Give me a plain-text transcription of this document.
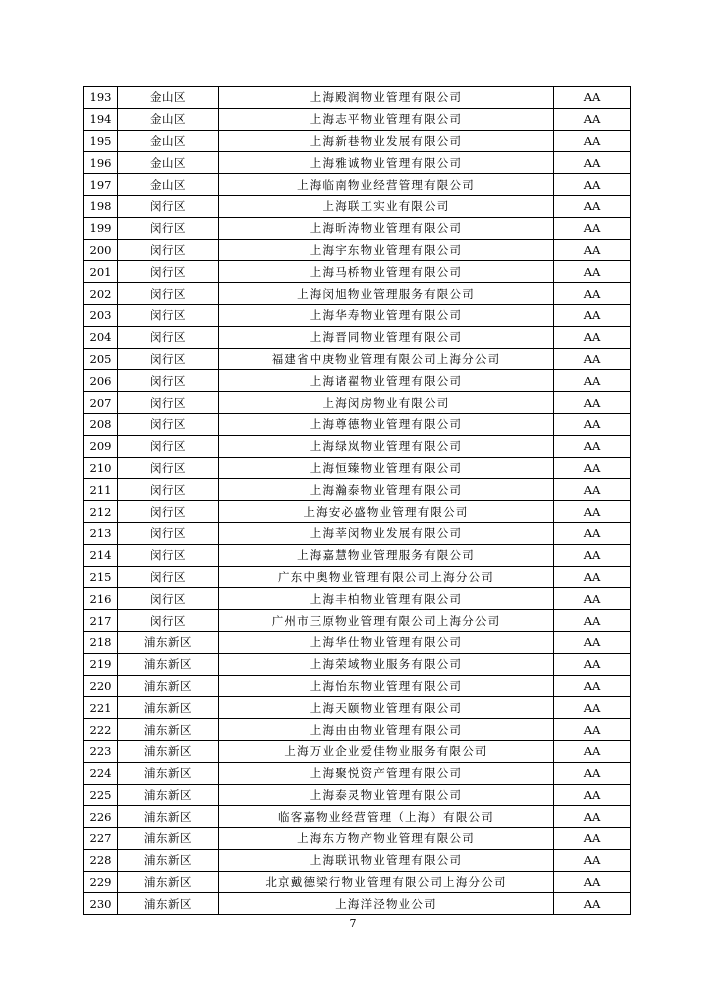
193	金山区	上海殿润物业管理有限公司	AA
194	金山区	上海志平物业管理有限公司	AA
195	金山区	上海新巷物业发展有限公司	AA
196	金山区	上海雅诚物业管理有限公司	AA
197	金山区	上海临南物业经营管理有限公司	AA
198	闵行区	上海联工实业有限公司	AA
199	闵行区	上海昕涛物业管理有限公司	AA
200	闵行区	上海宇东物业管理有限公司	AA
201	闵行区	上海马桥物业管理有限公司	AA
202	闵行区	上海闵旭物业管理服务有限公司	AA
203	闵行区	上海华寿物业管理有限公司	AA
204	闵行区	上海晋同物业管理有限公司	AA
205	闵行区	福建省中庚物业管理有限公司上海分公司	AA
206	闵行区	上海诸翟物业管理有限公司	AA
207	闵行区	上海闵房物业有限公司	AA
208	闵行区	上海尊德物业管理有限公司	AA
209	闵行区	上海绿岚物业管理有限公司	AA
210	闵行区	上海恒臻物业管理有限公司	AA
211	闵行区	上海瀚泰物业管理有限公司	AA
212	闵行区	上海安必盛物业管理有限公司	AA
213	闵行区	上海莘闵物业发展有限公司	AA
214	闵行区	上海嘉慧物业管理服务有限公司	AA
215	闵行区	广东中奥物业管理有限公司上海分公司	AA
216	闵行区	上海丰柏物业管理有限公司	AA
217	闵行区	广州市三原物业管理有限公司上海分公司	AA
218	浦东新区	上海华仕物业管理有限公司	AA
219	浦东新区	上海荣域物业服务有限公司	AA
220	浦东新区	上海怡东物业管理有限公司	AA
221	浦东新区	上海天颐物业管理有限公司	AA
222	浦东新区	上海由由物业管理有限公司	AA
223	浦东新区	上海万业企业爱佳物业服务有限公司	AA
224	浦东新区	上海聚悦资产管理有限公司	AA
225	浦东新区	上海泰灵物业管理有限公司	AA
226	浦东新区	临客嘉物业经营管理（上海）有限公司	AA
227	浦东新区	上海东方物产物业管理有限公司	AA
228	浦东新区	上海联讯物业管理有限公司	AA
229	浦东新区	北京戴德梁行物业管理有限公司上海分公司	AA
230	浦东新区	上海洋泾物业公司	AA
7
